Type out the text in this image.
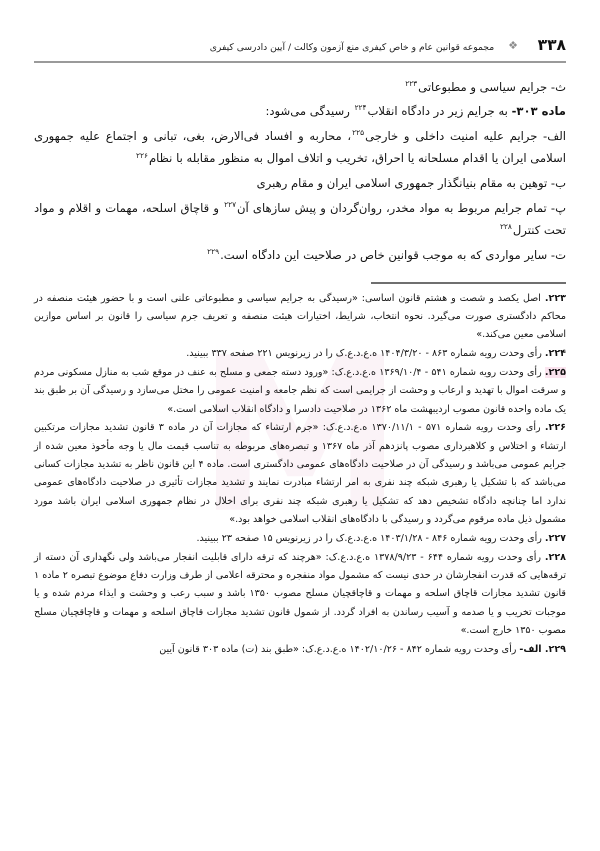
۳۳۸
❖
مجموعه قوانین عام و خاص کیفری منع آزمون وکالت / آیین دادرسی کیفری

ث- جرایم سیاسی و مطبوعاتی$^{۲۲۳}$

ماده ۳۰۳- به جرایم زیر در دادگاه انقلاب$^{۲۲۴}$ رسیدگی می‌شود:

الف- جرایم علیه امنیت داخلی و خارجی$^{۲۲۵}$، محاربه و افساد فی‌الارض، بغی، تبانی و اجتماع علیه جمهوری اسلامی ایران یا اقدام مسلحانه یا احراق، تخریب و اتلاف اموال به منظور مقابله با نظام$^{۲۲۶}$

ب- توهین به مقام بنیانگذار جمهوری اسلامی ایران و مقام رهبری

پ- تمام جرایم مربوط به مواد مخدر، روان‌گردان و پیش سازهای آن$^{۲۲۷}$ و قاچاق اسلحه، مهمات و اقلام و مواد تحت کنترل$^{۲۲۸}$

ت- سایر مواردی که به موجب قوانین خاص در صلاحیت این دادگاه است.$^{۲۲۹}$

۲۲۳. اصل یکصد و شصت و هشتم قانون اساسی: «رسیدگی به جرایم سیاسی و مطبوعاتی علنی است و با حضور هیئت منصفه در محاکم دادگستری صورت می‌گیرد. نحوه انتخاب، شرایط، اختیارات هیئت منصفه و تعریف جرم سیاسی را قانون بر اساس موازین اسلامی معین می‌کند.»

۲۲۴. رأی وحدت رویه شماره ۸۶۳ - ۱۴۰۴/۳/۲۰ ه.ع.د.ع.ک را در زیرنویس ۲۲۱ صفحه ۳۳۷ ببینید.

۲۲۵. رأی وحدت رویه شماره ۵۴۱ - ۱۳۶۹/۱۰/۴ ه.ع.د.ع.ک: «ورود دسته جمعی و مسلح به عنف در موقع شب به منازل مسکونی مردم و سرقت اموال با تهدید و ارعاب و وحشت از جرایمی است که نظم جامعه و امنیت عمومی را مختل می‌سازد و رسیدگی آن بر طبق بند یک ماده واحده قانون مصوب اردیبهشت ماه ۱۳۶۲ در صلاحیت دادسرا و دادگاه انقلاب اسلامی است.»

۲۲۶. رأی وحدت رویه شماره ۵۷۱ - ۱۳۷۰/۱۱/۱ ه.ع.د.ع.ک: «جرم ارتشاء که مجازات آن در ماده ۳ قانون تشدید مجازات مرتکبین ارتشاء و اختلاس و کلاهبرداری مصوب پانزدهم آذر ماه ۱۳۶۷ و تبصره‌های مربوطه به تناسب قیمت مال یا وجه مأخوذ معین شده از جرایم عمومی می‌باشد و رسیدگی آن در صلاحیت دادگاه‌های عمومی دادگستری است. ماده ۴ این قانون ناظر به تشدید مجازات کسانی می‌باشد که با تشکیل یا رهبری شبکه چند نفری به امر ارتشاء مبادرت نمایند و تشدید مجازات تأثیری در صلاحیت دادگاه‌های عمومی ندارد اما چنانچه دادگاه تشخیص دهد که تشکیل یا رهبری شبکه چند نفری برای اخلال در نظام جمهوری اسلامی ایران باشد مورد مشمول ذیل ماده مرقوم می‌گردد و رسیدگی با دادگاه‌های انقلاب اسلامی خواهد بود.»

۲۲۷. رأی وحدت رویه شماره ۸۴۶ - ۱۴۰۳/۱/۲۸ ه.ع.د.ع.ک را در زیرنویس ۱۵ صفحه ۲۳ ببینید.

۲۲۸. رأی وحدت رویه شماره ۶۴۴ - ۱۳۷۸/۹/۲۳ ه.ع.د.ع.ک: «هرچند که ترقه دارای قابلیت انفجار می‌باشد ولی نگهداری آن دسته از ترقه‌هایی که قدرت انفجارشان در حدی نیست که مشمول مواد منفجره و محترقه اعلامی از طرف وزارت دفاع موضوع تبصره ۲ ماده ۱ قانون تشدید مجازات قاچاق اسلحه و مهمات و قاچاقچیان مسلح مصوب ۱۳۵۰ باشد و سبب رعب و وحشت و ایذاء مردم شده و یا موجبات تخریب و یا صدمه و آسیب رساندن به افراد گردد. از شمول قانون تشدید مجازات قاچاق اسلحه و مهمات و قاچاقچیان مسلح مصوب ۱۳۵۰ خارج است.»

۲۲۹. الف- رأی وحدت رویه شماره ۸۴۲ - ۱۴۰۲/۱۰/۲۶ ه.ع.د.ع.ک: «طبق بند (ت) ماده ۳۰۳ قانون آیین
